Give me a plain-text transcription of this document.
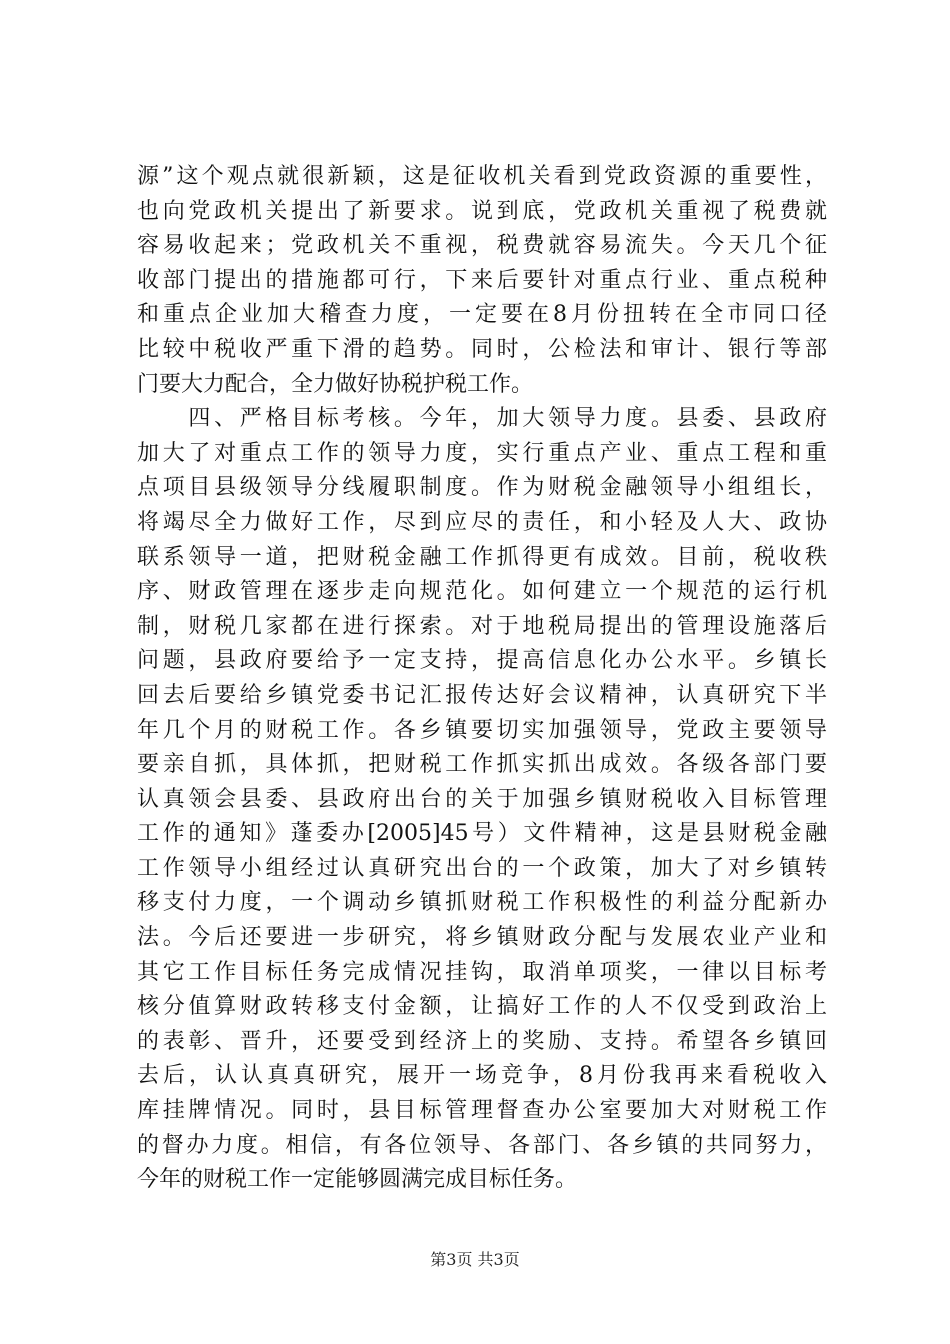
源”这个观点就很新颖，这是征收机关看到党政资源的重要性，
也向党政机关提出了新要求。说到底，党政机关重视了税费就
容易收起来；党政机关不重视，税费就容易流失。今天几个征
收部门提出的措施都可行，下来后要针对重点行业、重点税种
和重点企业加大稽查力度，一定要在8月份扭转在全市同口径
比较中税收严重下滑的趋势。同时，公检法和审计、银行等部
门要大力配合，全力做好协税护税工作。
　　四、严格目标考核。今年，加大领导力度。县委、县政府
加大了对重点工作的领导力度，实行重点产业、重点工程和重
点项目县级领导分线履职制度。作为财税金融领导小组组长，
将竭尽全力做好工作，尽到应尽的责任，和小轻及人大、政协
联系领导一道，把财税金融工作抓得更有成效。目前，税收秩
序、财政管理在逐步走向规范化。如何建立一个规范的运行机
制，财税几家都在进行探索。对于地税局提出的管理设施落后
问题，县政府要给予一定支持，提高信息化办公水平。乡镇长
回去后要给乡镇党委书记汇报传达好会议精神，认真研究下半
年几个月的财税工作。各乡镇要切实加强领导，党政主要领导
要亲自抓，具体抓，把财税工作抓实抓出成效。各级各部门要
认真领会县委、县政府出台的关于加强乡镇财税收入目标管理
工作的通知》蓬委办[2005]45号）文件精神，这是县财税金融
工作领导小组经过认真研究出台的一个政策，加大了对乡镇转
移支付力度，一个调动乡镇抓财税工作积极性的利益分配新办
法。今后还要进一步研究，将乡镇财政分配与发展农业产业和
其它工作目标任务完成情况挂钩，取消单项奖，一律以目标考
核分值算财政转移支付金额，让搞好工作的人不仅受到政治上
的表彰、晋升，还要受到经济上的奖励、支持。希望各乡镇回
去后，认认真真研究，展开一场竞争，8月份我再来看税收入
库挂牌情况。同时，县目标管理督查办公室要加大对财税工作
的督办力度。相信，有各位领导、各部门、各乡镇的共同努力，
今年的财税工作一定能够圆满完成目标任务。
第3页 共3页
